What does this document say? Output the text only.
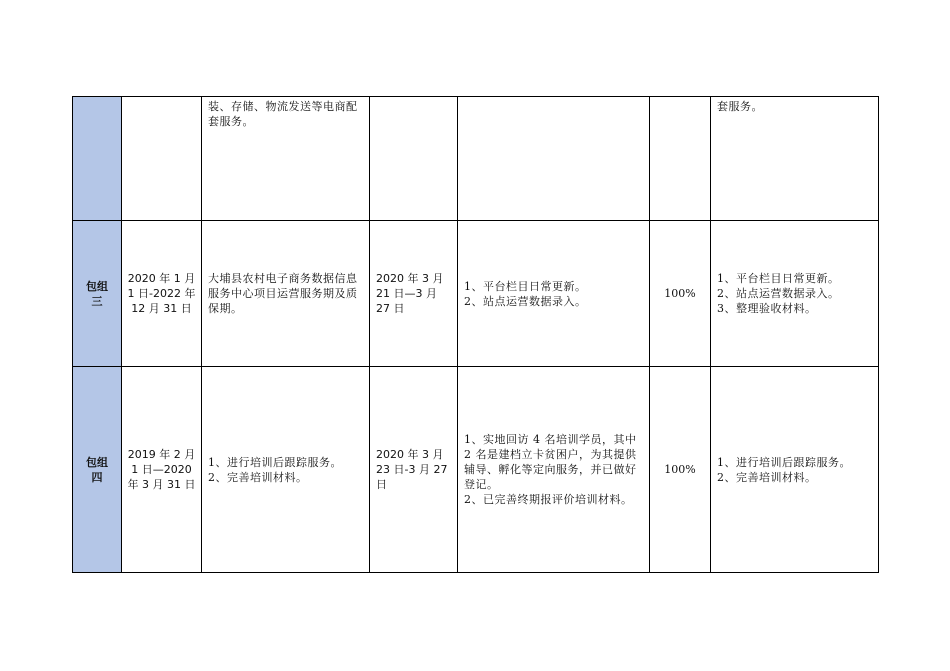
		装、存储、物流发送等电商配套服务。				套服务。

包组三	2020 年 1 月 1 日-2022 年 12 月 31 日	大埔县农村电子商务数据信息服务中心项目运营服务期及质保期。	2020 年 3 月 21 日—3 月 27 日	1、平台栏目日常更新。
2、站点运营数据录入。	100%	1、平台栏目日常更新。
2、站点运营数据录入。
3、整理验收材料。

包组四	2019 年 2 月 1 日—2020 年 3 月 31 日	1、进行培训后跟踪服务。
2、完善培训材料。	2020 年 3 月 23 日-3 月 27 日	1、实地回访 4 名培训学员，其中 2 名是建档立卡贫困户，为其提供辅导、孵化等定向服务，并已做好登记。
2、已完善终期报评价培训材料。	100%	1、进行培训后跟踪服务。
2、完善培训材料。
